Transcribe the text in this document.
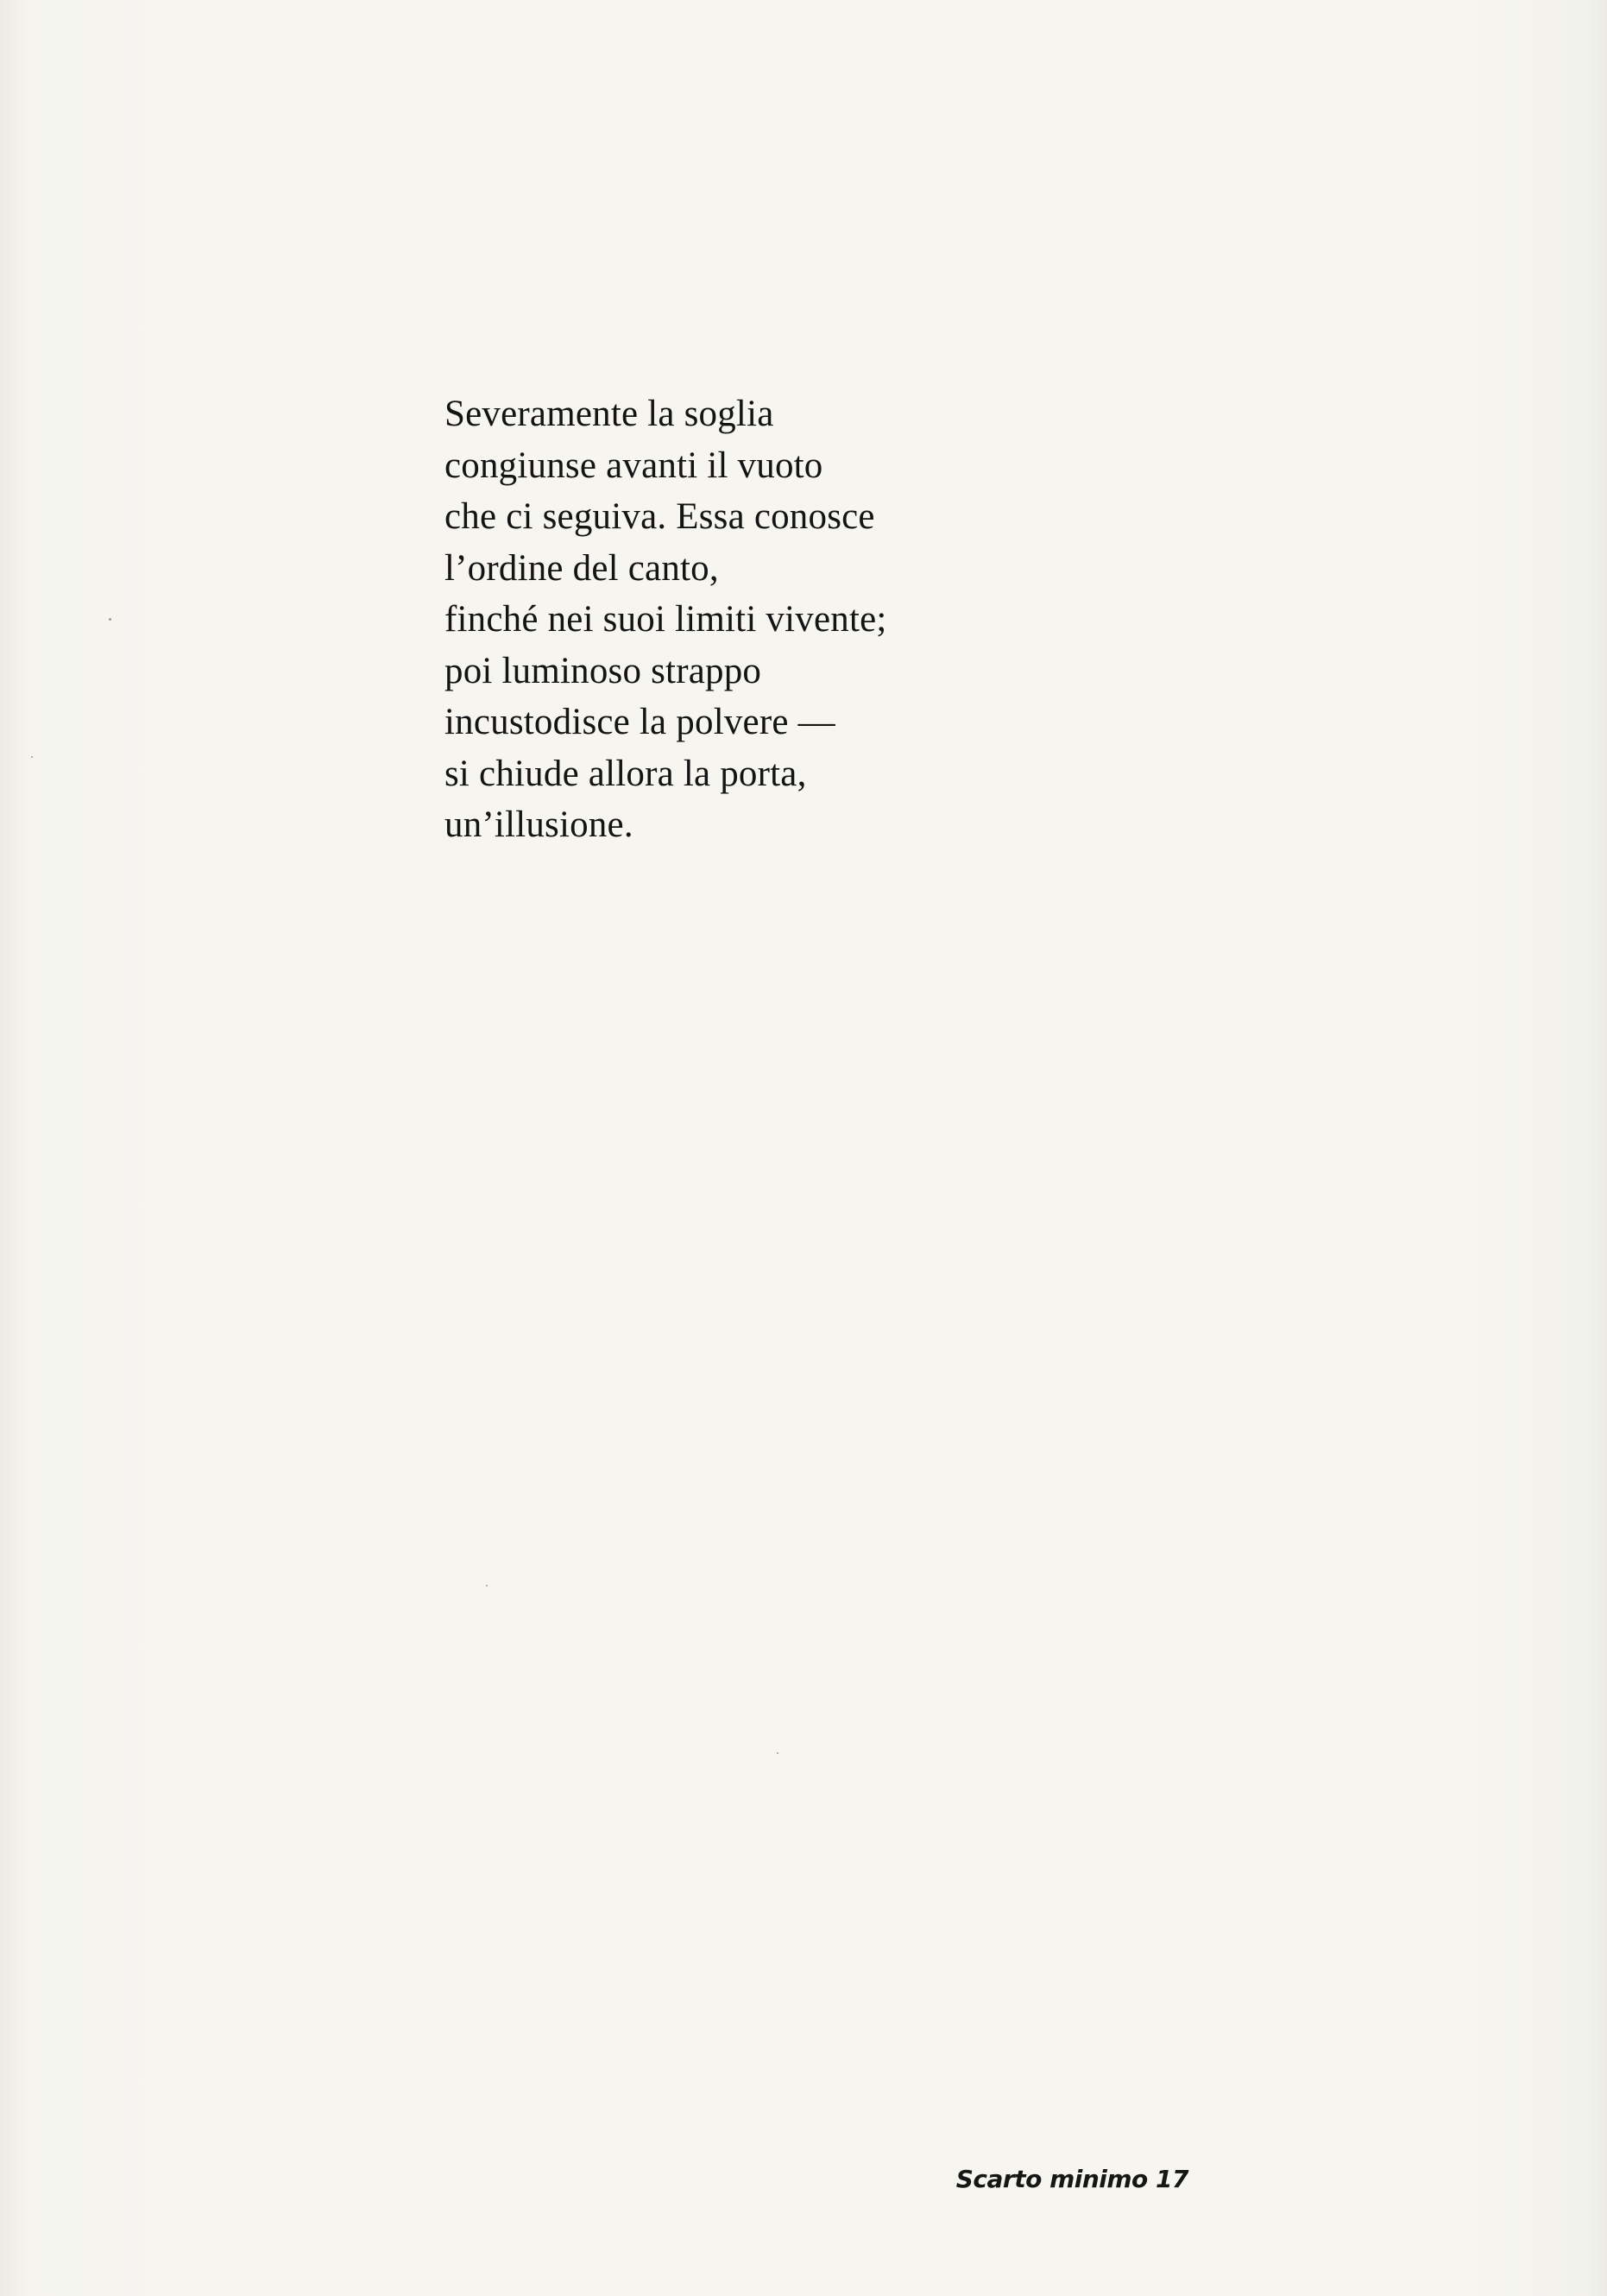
Severamente la soglia
congiunse avanti il vuoto
che ci seguiva. Essa conosce
l’ordine del canto,
finché nei suoi limiti vivente;
poi luminoso strappo
incustodisce la polvere —
si chiude allora la porta,
un’illusione.
Scarto minimo 17
